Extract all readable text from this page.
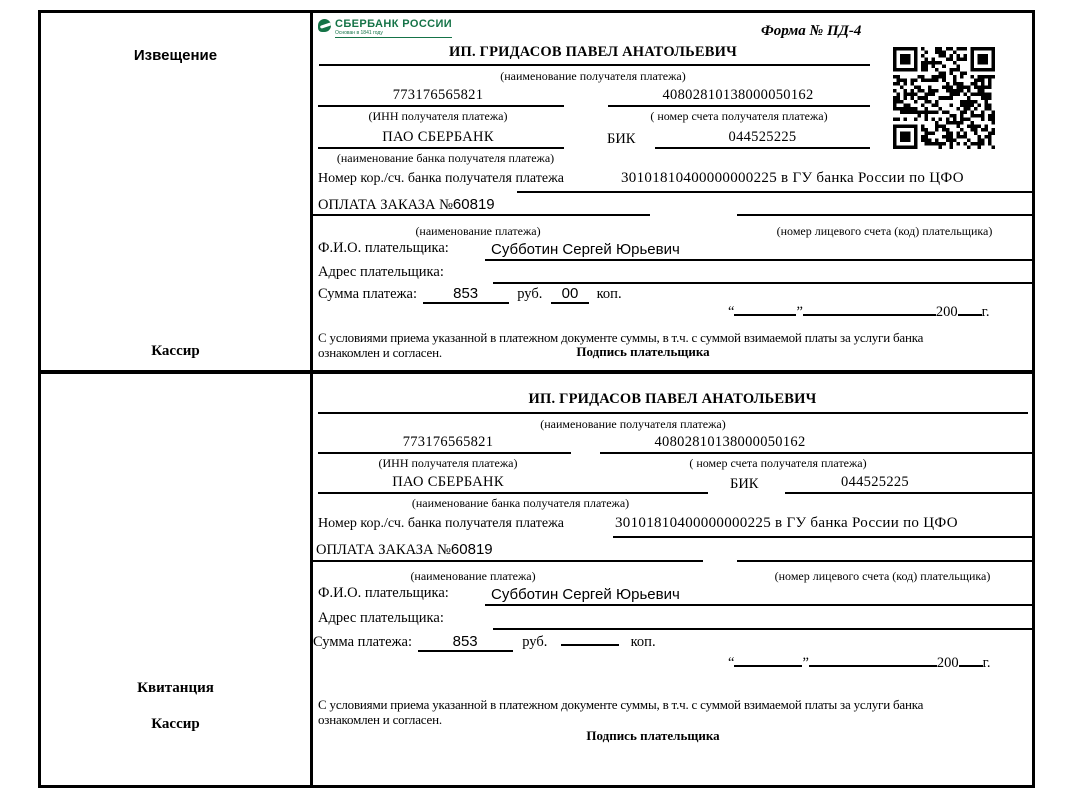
Извещение
Кассир
СБЕРБАНК РОССИИ
Основан в 1841 году	Форма № ПД-4
ИП. ГРИДАСОВ ПАВЕЛ АНАТОЛЬЕВИЧ
(наименование получателя платежа)
773176565821	40802810138000050162
(ИНН получателя платежа)	( номер счета получателя платежа)
ПАО СБЕРБАНК	БИК	044525225
(наименование банка получателя платежа)
Номер кор./сч. банка получателя платежа	30101810400000000225 в ГУ банка России по ЦФО
ОПЛАТА ЗАКАЗА №60819
(наименование платежа)	(номер лицевого счета (код) плательщика)
Ф.И.О. плательщика:	Субботин Сергей Юрьевич
Адрес плательщика:
Сумма платежа: 853	руб. 00 коп.
“	”	200 г.
С условиями приема указанной в платежном документе суммы, в т.ч. с суммой взимаемой платы за услуги банка
ознакомлен и согласен.	Подпись плательщика
Квитанция
Кассир
ИП. ГРИДАСОВ ПАВЕЛ АНАТОЛЬЕВИЧ
(наименование получателя платежа)
773176565821	40802810138000050162
(ИНН получателя платежа)	( номер счета получателя платежа)
ПАО СБЕРБАНК	БИК	044525225
(наименование банка получателя платежа)
Номер кор./сч. банка получателя платежа	30101810400000000225 в ГУ банка России по ЦФО
ОПЛАТА ЗАКАЗА №60819
(наименование платежа)	(номер лицевого счета (код) плательщика)
Ф.И.О. плательщика:	Субботин Сергей Юрьевич
Адрес плательщика:
Сумма платежа:	853	руб.	коп.
“	”	200 г.
С условиями приема указанной в платежном документе суммы, в т.ч. с суммой взимаемой платы за услуги банка
ознакомлен и согласен.
Подпись плательщика
